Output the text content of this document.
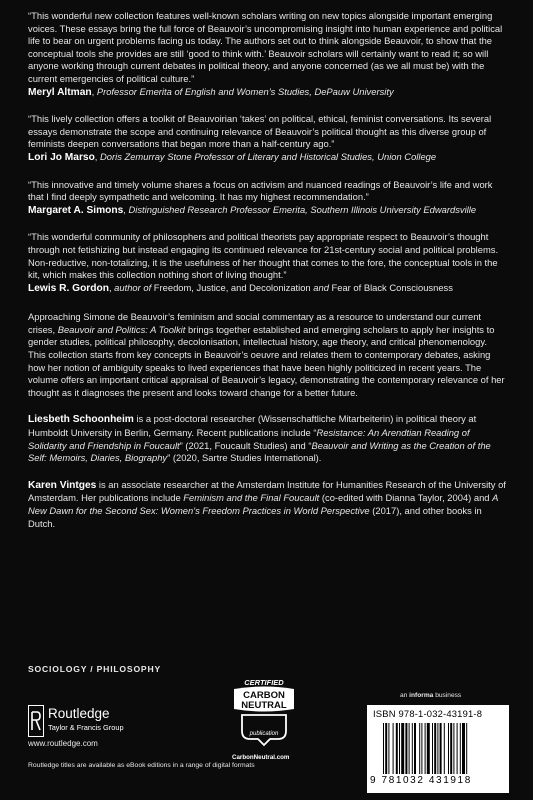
“This wonderful new collection features well-known scholars writing on new topics alongside important emerging voices. These essays bring the full force of Beauvoir’s uncompromising insight into human experience and political life to bear on urgent problems facing us today. The authors set out to think alongside Beauvoir, to show that the conceptual tools she provides are still ‘good to think with.’ Beauvoir scholars will certainly want to read it; so will anyone working through current debates in political theory, and anyone concerned (as we all must be) with the current emergencies of political culture.”

Meryl Altman, Professor Emerita of English and Women’s Studies, DePauw University

“This lively collection offers a toolkit of Beauvoirian ‘takes’ on political, ethical, feminist conversations. Its several essays demonstrate the scope and continuing relevance of Beauvoir’s political thought as this diverse group of feminists deepen conversations that began more than a half-century ago.”

Lori Jo Marso, Doris Zemurray Stone Professor of Literary and Historical Studies, Union College

“This innovative and timely volume shares a focus on activism and nuanced readings of Beauvoir’s life and work that I find deeply sympathetic and welcoming. It has my highest recommendation.”

Margaret A. Simons, Distinguished Research Professor Emerita, Southern Illinois University Edwardsville

“This wonderful community of philosophers and political theorists pay appropriate respect to Beauvoir’s thought through not fetishizing but instead engaging its continued relevance for 21st-century social and political problems. Non-reductive, non-totalizing, it is the usefulness of her thought that comes to the fore, the conceptual tools in the kit, which makes this collection nothing short of living thought.”

Lewis R. Gordon, author of Freedom, Justice, and Decolonization and Fear of Black Consciousness

Approaching Simone de Beauvoir’s feminism and social commentary as a resource to understand our current crises, Beauvoir and Politics: A Toolkit brings together established and emerging scholars to apply her insights to gender studies, political philosophy, decolonisation, intellectual history, age theory, and critical phenomenology. This collection starts from key concepts in Beauvoir’s oeuvre and relates them to contemporary debates, asking how her notion of ambiguity speaks to lived experiences that have been highly politicized in recent years. The volume offers an important critical appraisal of Beauvoir’s legacy, demonstrating the contemporary relevance of her thought as it diagnoses the present and looks toward change for a better future.

Liesbeth Schoonheim is a post-doctoral researcher (Wissenschaftliche Mitarbeiterin) in political theory at Humboldt University in Berlin, Germany. Recent publications include “Resistance: An Arendtian Reading of Solidarity and Friendship in Foucault” (2021, Foucault Studies) and “Beauvoir and Writing as the Creation of the Self: Memoirs, Diaries, Biography” (2020, Sartre Studies International).

Karen Vintges is an associate researcher at the Amsterdam Institute for Humanities Research of the University of Amsterdam. Her publications include Feminism and the Final Foucault (co-edited with Dianna Taylor, 2004) and A New Dawn for the Second Sex: Women’s Freedom Practices in World Perspective (2017), and other books in Dutch.

SOCIOLOGY / PHILOSOPHY
Routledge
Taylor & Francis Group
www.routledge.com
Routledge titles are available as eBook editions in a range of digital formats
CERTIFIED
CARBON
NEUTRAL
publication
CarbonNeutral.com
an informa business
ISBN 978-1-032-43191-8
9 781032 431918
